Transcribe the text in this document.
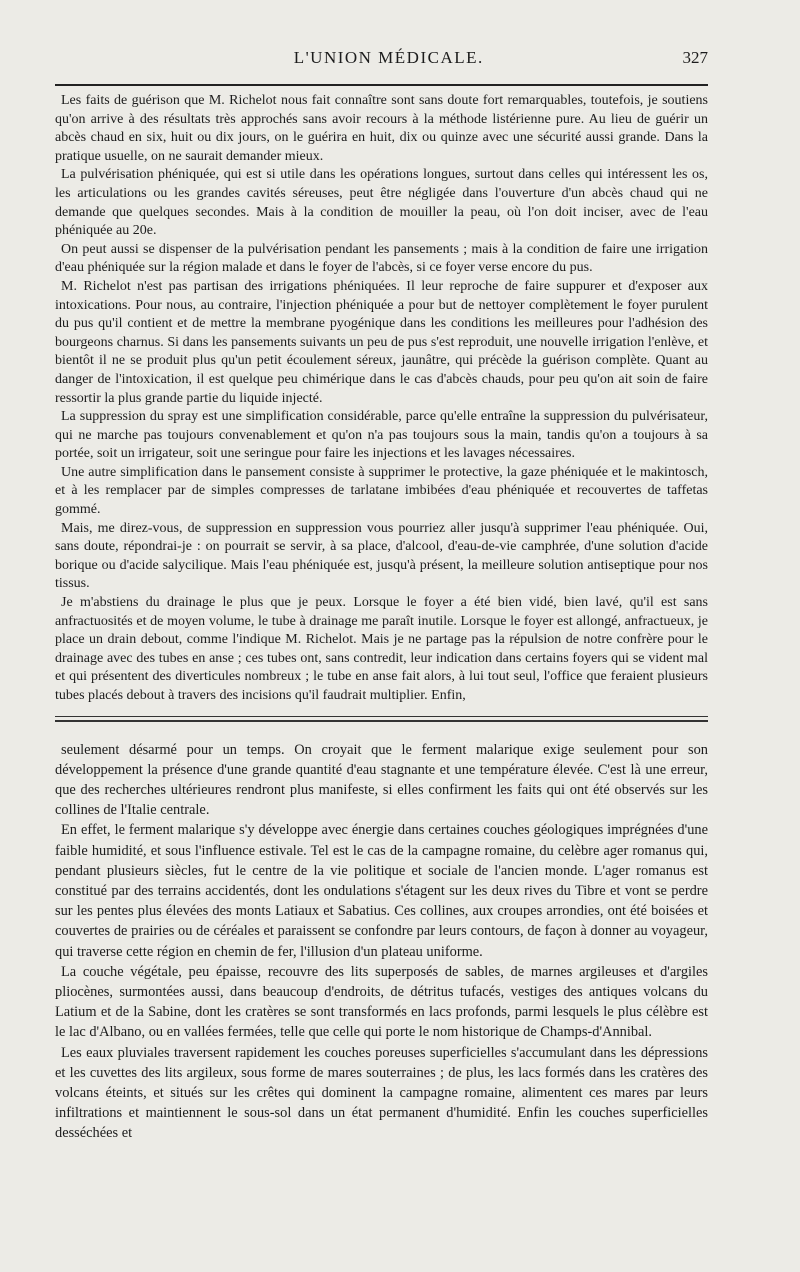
L'UNION MÉDICALE.	327

Les faits de guérison que M. Richelot nous fait connaître sont sans doute fort remarquables, toutefois, je soutiens qu'on arrive à des résultats très approchés sans avoir recours à la méthode listérienne pure. Au lieu de guérir un abcès chaud en six, huit ou dix jours, on le guérira en huit, dix ou quinze avec une sécurité aussi grande. Dans la pratique usuelle, on ne saurait demander mieux.

La pulvérisation phéniquée, qui est si utile dans les opérations longues, surtout dans celles qui intéressent les os, les articulations ou les grandes cavités séreuses, peut être négligée dans l'ouverture d'un abcès chaud qui ne demande que quelques secondes. Mais à la condition de mouiller la peau, où l'on doit inciser, avec de l'eau phéniquée au 20e.

On peut aussi se dispenser de la pulvérisation pendant les pansements ; mais à la condition de faire une irrigation d'eau phéniquée sur la région malade et dans le foyer de l'abcès, si ce foyer verse encore du pus.

M. Richelot n'est pas partisan des irrigations phéniquées. Il leur reproche de faire suppurer et d'exposer aux intoxications. Pour nous, au contraire, l'injection phéniquée a pour but de nettoyer complètement le foyer purulent du pus qu'il contient et de mettre la membrane pyogénique dans les conditions les meilleures pour l'adhésion des bourgeons charnus. Si dans les pansements suivants un peu de pus s'est reproduit, une nouvelle irrigation l'enlève, et bientôt il ne se produit plus qu'un petit écoulement séreux, jaunâtre, qui précède la guérison complète. Quant au danger de l'intoxication, il est quelque peu chimérique dans le cas d'abcès chauds, pour peu qu'on ait soin de faire ressortir la plus grande partie du liquide injecté.

La suppression du spray est une simplification considérable, parce qu'elle entraîne la suppression du pulvérisateur, qui ne marche pas toujours convenablement et qu'on n'a pas toujours sous la main, tandis qu'on a toujours à sa portée, soit un irrigateur, soit une seringue pour faire les injections et les lavages nécessaires.

Une autre simplification dans le pansement consiste à supprimer le protective, la gaze phéniquée et le makintosch, et à les remplacer par de simples compresses de tarlatane imbibées d'eau phéniquée et recouvertes de taffetas gommé.

Mais, me direz-vous, de suppression en suppression vous pourriez aller jusqu'à supprimer l'eau phéniquée. Oui, sans doute, répondrai-je : on pourrait se servir, à sa place, d'alcool, d'eau-de-vie camphrée, d'une solution d'acide borique ou d'acide salycilique. Mais l'eau phéniquée est, jusqu'à présent, la meilleure solution antiseptique pour nos tissus.

Je m'abstiens du drainage le plus que je peux. Lorsque le foyer a été bien vidé, bien lavé, qu'il est sans anfractuosités et de moyen volume, le tube à drainage me paraît inutile. Lorsque le foyer est allongé, anfractueux, je place un drain debout, comme l'indique M. Richelot. Mais je ne partage pas la répulsion de notre confrère pour le drainage avec des tubes en anse ; ces tubes ont, sans contredit, leur indication dans certains foyers qui se vident mal et qui présentent des diverticules nombreux ; le tube en anse fait alors, à lui tout seul, l'office que feraient plusieurs tubes placés debout à travers des incisions qu'il faudrait multiplier. Enfin,

seulement désarmé pour un temps. On croyait que le ferment malarique exige seulement pour son développement la présence d'une grande quantité d'eau stagnante et une température élevée. C'est là une erreur, que des recherches ultérieures rendront plus manifeste, si elles confirment les faits qui ont été observés sur les collines de l'Italie centrale.

En effet, le ferment malarique s'y développe avec énergie dans certaines couches géologiques imprégnées d'une faible humidité, et sous l'influence estivale. Tel est le cas de la campagne romaine, du celèbre ager romanus qui, pendant plusieurs siècles, fut le centre de la vie politique et sociale de l'ancien monde. L'ager romanus est constitué par des terrains accidentés, dont les ondulations s'étagent sur les deux rives du Tibre et vont se perdre sur les pentes plus élevées des monts Latiaux et Sabatius. Ces collines, aux croupes arrondies, ont été boisées et couvertes de prairies ou de céréales et paraissent se confondre par leurs contours, de façon à donner au voyageur, qui traverse cette région en chemin de fer, l'illusion d'un plateau uniforme.

La couche végétale, peu épaisse, recouvre des lits superposés de sables, de marnes argileuses et d'argiles pliocènes, surmontées aussi, dans beaucoup d'endroits, de détritus tufacés, vestiges des antiques volcans du Latium et de la Sabine, dont les cratères se sont transformés en lacs profonds, parmi lesquels le plus célèbre est le lac d'Albano, ou en vallées fermées, telle que celle qui porte le nom historique de Champs-d'Annibal.

Les eaux pluviales traversent rapidement les couches poreuses superficielles s'accumulant dans les dépressions et les cuvettes des lits argileux, sous forme de mares souterraines ; de plus, les lacs formés dans les cratères des volcans éteints, et situés sur les crêtes qui dominent la campagne romaine, alimentent ces mares par leurs infiltrations et maintiennent le sous-sol dans un état permanent d'humidité. Enfin les couches superficielles desséchées et
